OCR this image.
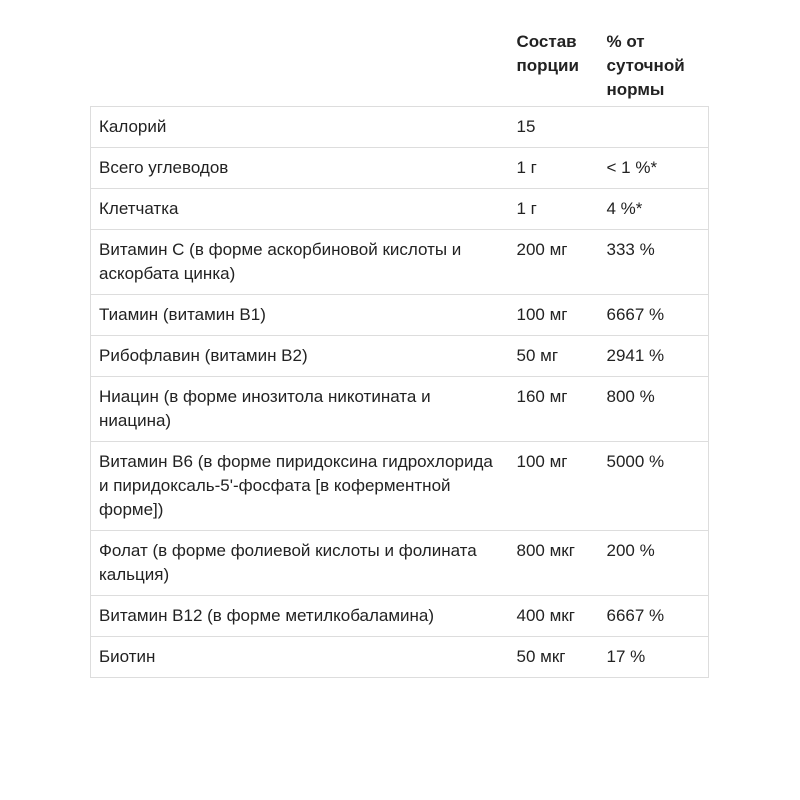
	Состав порции	% от суточной нормы
Калорий	15	
Всего углеводов	1 г	< 1 %*
Клетчатка	1 г	4 %*
Витамин C (в форме аскорбиновой кислоты и аскорбата цинка)	200 мг	333 %
Тиамин (витамин B1)	100 мг	6667 %
Рибофлавин (витамин B2)	50 мг	2941 %
Ниацин (в форме инозитола никотината и ниацина)	160 мг	800 %
Витамин B6 (в форме пиридоксина гидрохлорида и пиридоксаль-5'-фосфата [в коферментной форме])	100 мг	5000 %
Фолат (в форме фолиевой кислоты и фолината кальция)	800 мкг	200 %
Витамин B12 (в форме метилкобаламина)	400 мкг	6667 %
Биотин	50 мкг	17 %
